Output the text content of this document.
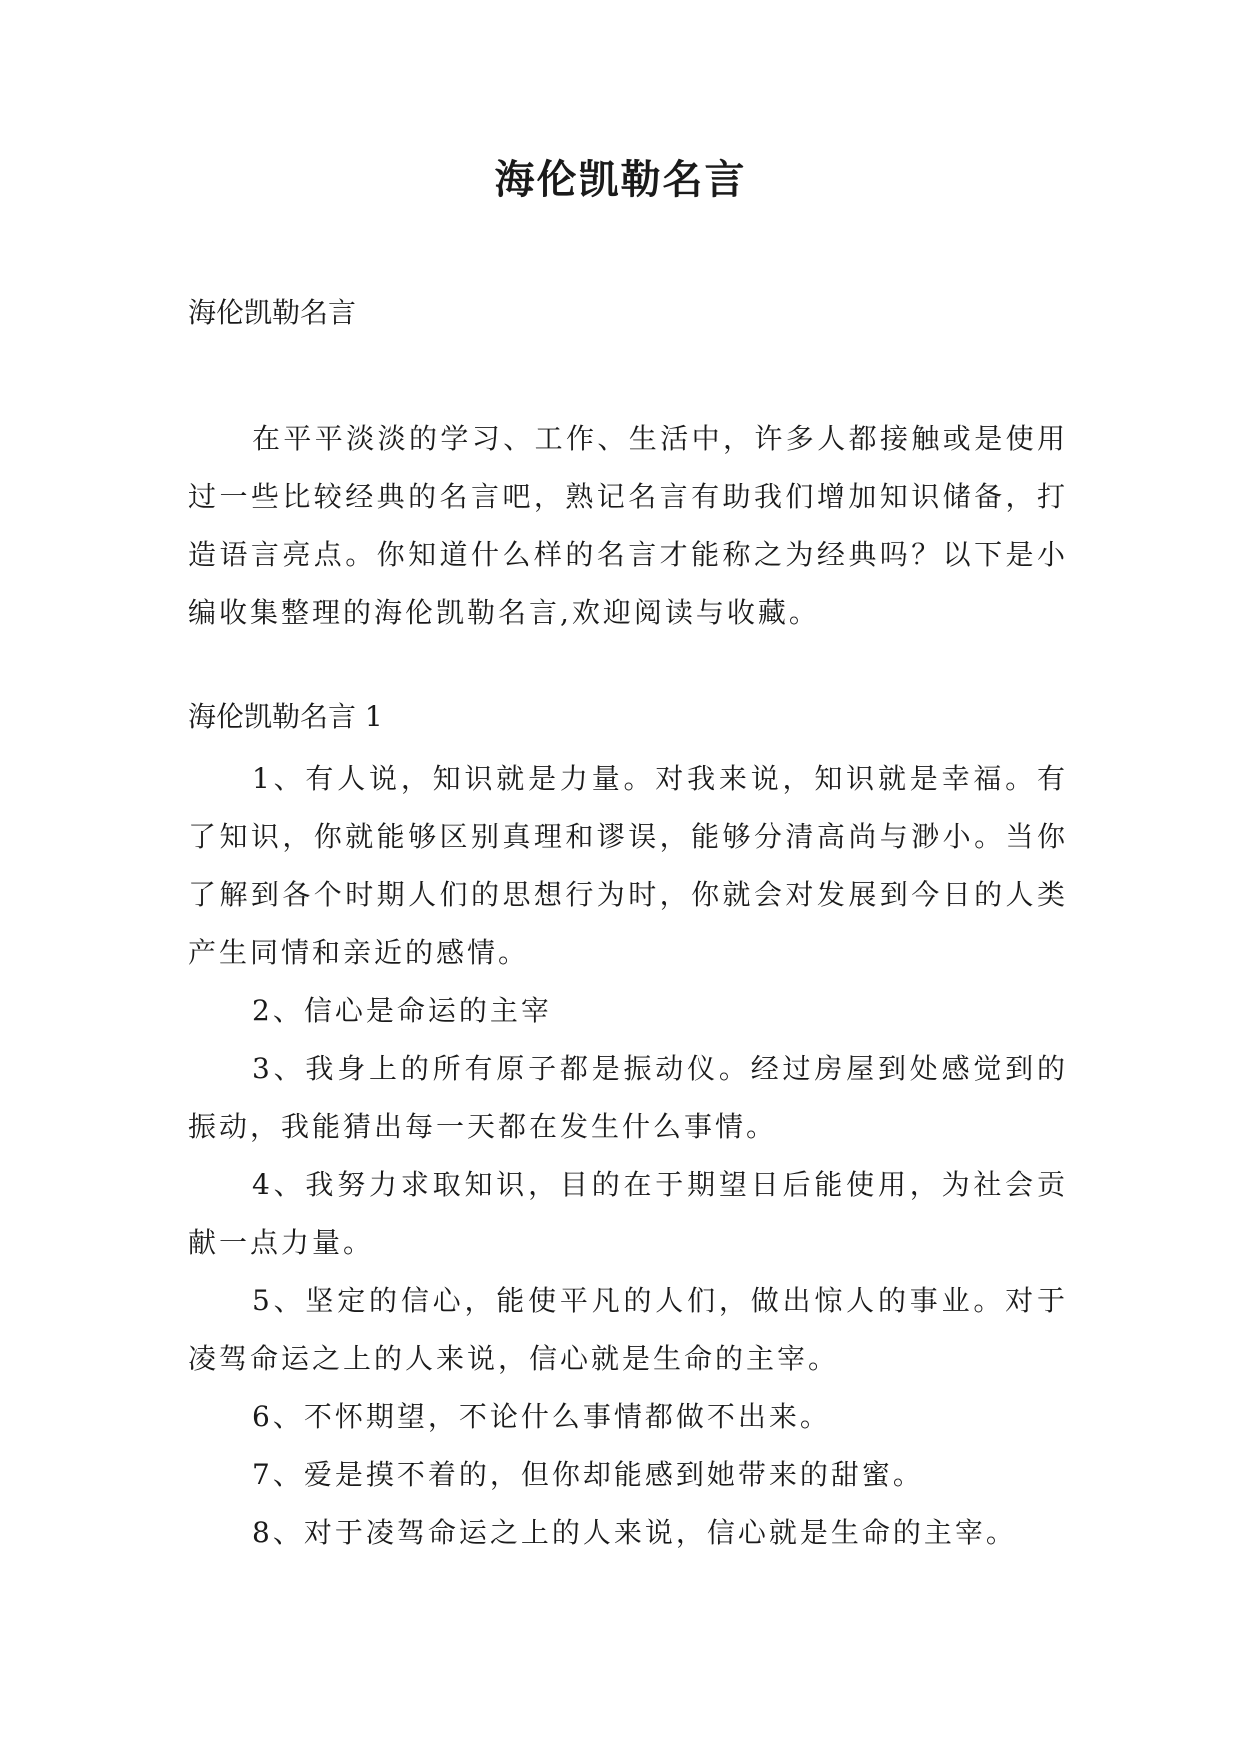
海伦凯勒名言

海伦凯勒名言

在平平淡淡的学习、工作、生活中，许多人都接触或是使用过一些比较经典的名言吧，熟记名言有助我们增加知识储备，打造语言亮点。你知道什么样的名言才能称之为经典吗？以下是小编收集整理的海伦凯勒名言,欢迎阅读与收藏。

海伦凯勒名言 1

1、有人说，知识就是力量。对我来说，知识就是幸福。有了知识，你就能够区别真理和谬误，能够分清高尚与渺小。当你了解到各个时期人们的思想行为时，你就会对发展到今日的人类产生同情和亲近的感情。

2、信心是命运的主宰

3、我身上的所有原子都是振动仪。经过房屋到处感觉到的振动，我能猜出每一天都在发生什么事情。

4、我努力求取知识，目的在于期望日后能使用，为社会贡献一点力量。

5、坚定的信心，能使平凡的人们，做出惊人的事业。对于凌驾命运之上的人来说，信心就是生命的主宰。

6、不怀期望，不论什么事情都做不出来。

7、爱是摸不着的，但你却能感到她带来的甜蜜。

8、对于凌驾命运之上的人来说，信心就是生命的主宰。
